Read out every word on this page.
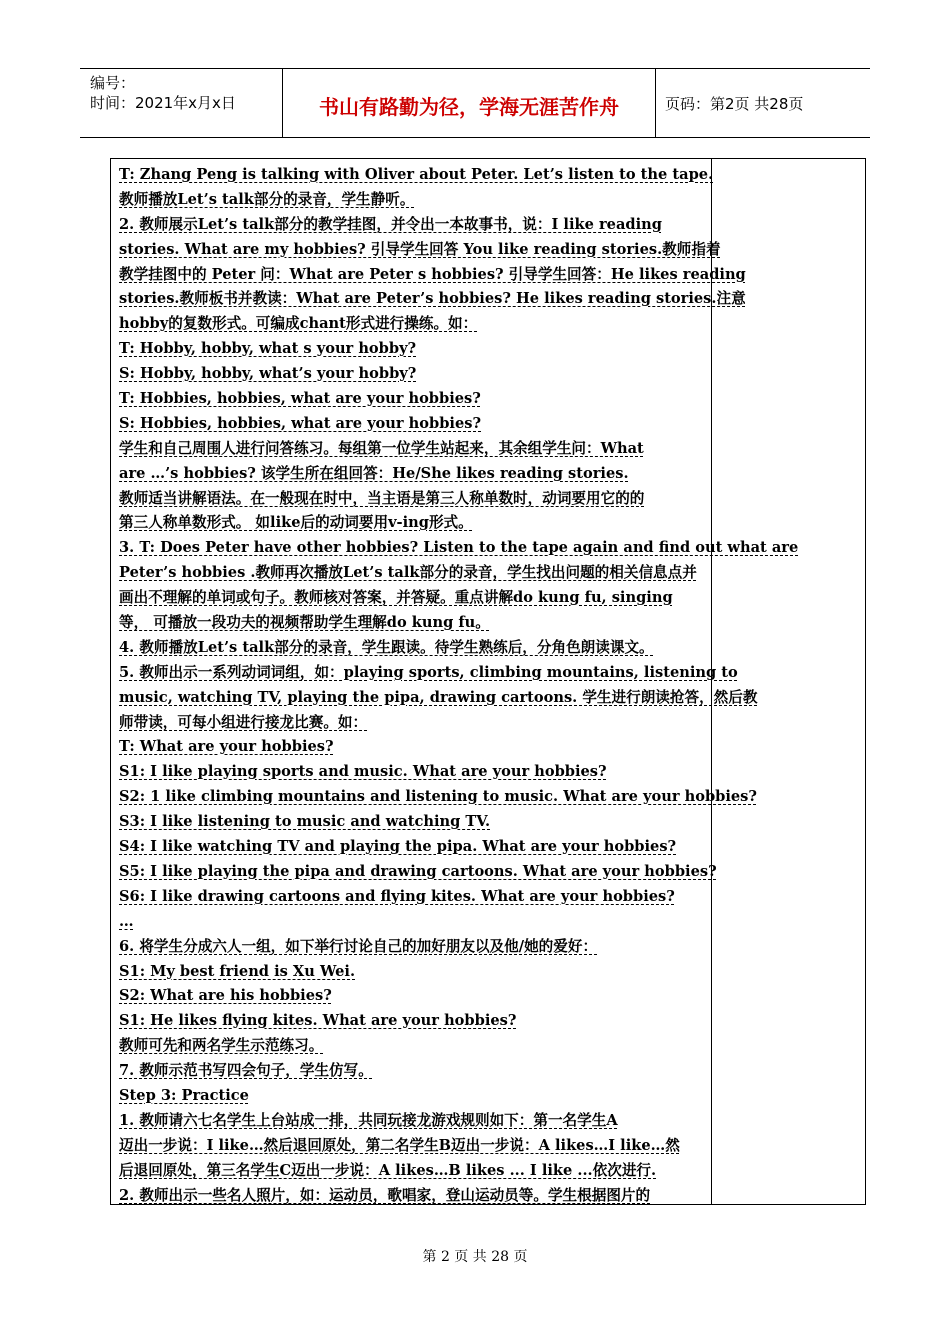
编号：
时间：2021年x月x日	书山有路勤为径，学海无涯苦作舟	页码：第2页 共28页
T: Zhang Peng is talking with Oliver about Peter. Let’s listen to the tape.
教师播放Let’s talk部分的录音，学生静听。
2. 教师展示Let’s talk部分的教学挂图，并令出一本故事书，说：I like reading
stories. What are my hobbies? 引导学生回答 You like reading stories.教师指着
教学挂图中的 Peter 问：What are Peter s hobbies? 引导学生回答：He likes reading
stories.教师板书并教读：What are Peter’s hobbies? He likes reading stories.注意
hobby的复数形式。可编成chant形式进行操练。如：
T: Hobby, hobby, what s your hobby?
S: Hobby, hobby, what’s your hobby?
T: Hobbies, hobbies, what are your hobbies?
S: Hobbies, hobbies, what are your hobbies?
学生和自己周围人进行问答练习。每组第一位学生站起来，其余组学生问：What
are …’s hobbies? 该学生所在组回答：He/She likes reading stories.
教师适当讲解语法。在一般现在时中，当主语是第三人称单数时，动词要用它的的
第三人称单数形式。 如like后的动词要用v-ing形式。
3. T: Does Peter have other hobbies? Listen to the tape again and find out what are
Peter’s hobbies .教师再次播放Let’s talk部分的录音，学生找出问题的相关信息点并
画出不理解的单词或句子。教师核对答案，并答疑。重点讲解do kung fu, singing
等， 可播放一段功夫的视频帮助学生理解do kung fu。
4. 教师播放Let’s talk部分的录音，学生跟读。待学生熟练后，分角色朗读课文。
5. 教师出示一系列动词词组，如：playing sports, climbing mountains, listening to
music, watching TV, playing the pipa, drawing cartoons. 学生进行朗读抢答，然后教
师带读，可每小组进行接龙比赛。如：
T: What are your hobbies?
S1: I like playing sports and music. What are your hobbies?
S2: 1 like climbing mountains and listening to music. What are your hobbies?
S3: I like listening to music and watching TV.
S4: I like watching TV and playing the pipa. What are your hobbies?
S5: I like playing the pipa and drawing cartoons. What are your hobbies?
S6: I like drawing cartoons and flying kites. What are your hobbies?
…
6. 将学生分成六人一组，如下举行讨论自己的加好朋友以及他/她的爱好：
S1: My best friend is Xu Wei.
S2: What are his hobbies?
S1: He likes flying kites. What are your hobbies?
教师可先和两名学生示范练习。
7. 教师示范书写四会句子，学生仿写。
Step 3: Practice
1. 教师请六七名学生上台站成一排，共同玩接龙游戏规则如下：第一名学生A
迈出一步说：I like…然后退回原处，第二名学生B迈出一步说：A likes…I like…然
后退回原处，第三名学生C迈出一步说：A likes…B likes ... I like ...依次进行.
2. 教师出示一些名人照片，如：运动员，歌唱家，登山运动员等。学生根据图片的
第 2 页 共 28 页
